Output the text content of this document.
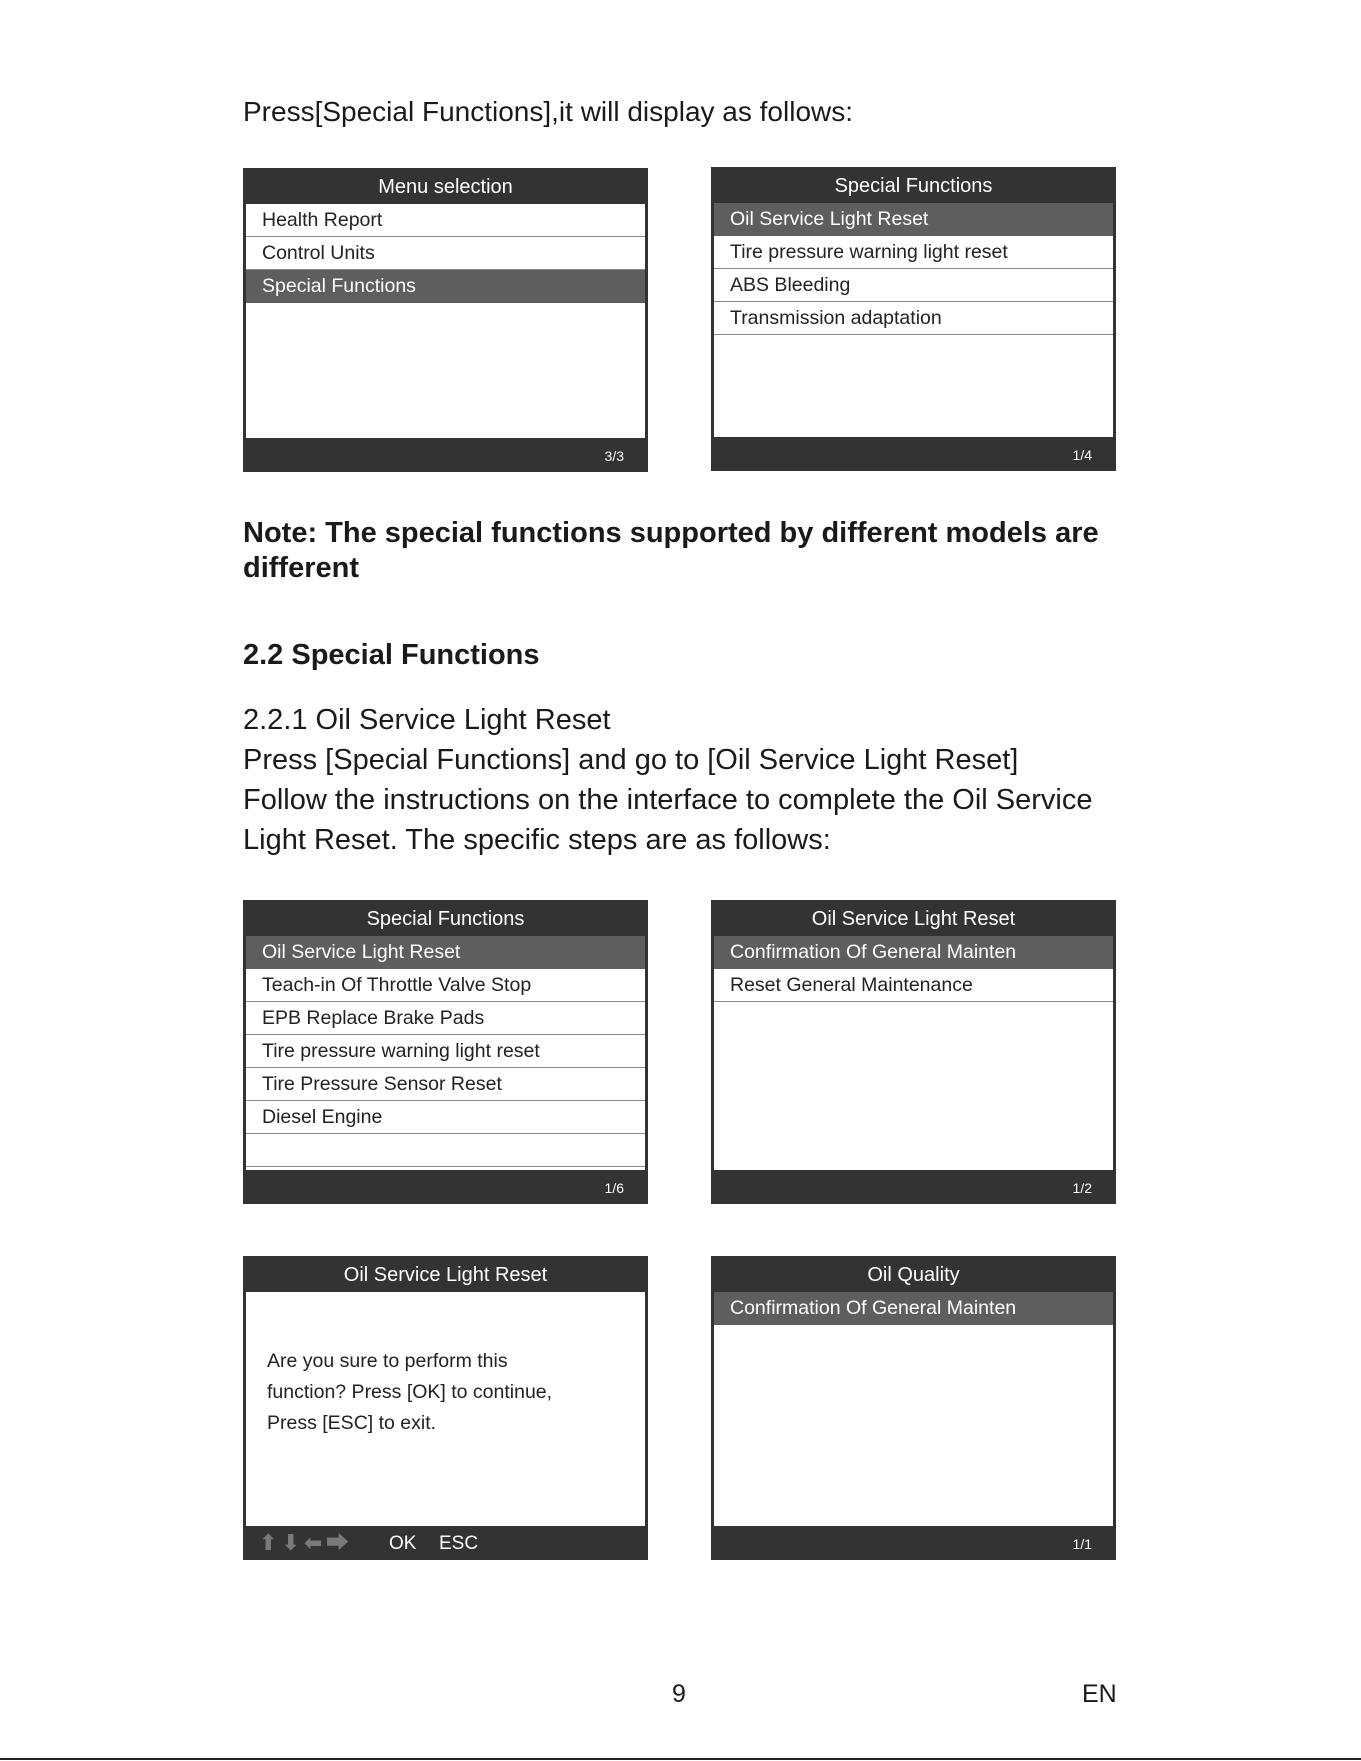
Press[Special Functions],it will display as follows:
Menu selection
Health Report
Control Units
Special Functions
3/3
Special Functions
Oil Service Light Reset
Tire pressure warning light reset
ABS Bleeding
Transmission adaptation
1/4
Note: The special functions supported by different models are different
2.2 Special Functions
2.2.1 Oil Service Light Reset
Press [Special Functions] and go to [Oil Service Light Reset]
Follow the instructions on the interface to complete the Oil Service
Light Reset. The specific steps are as follows:
Special Functions
Oil Service Light Reset
Teach-in Of Throttle Valve Stop
EPB Replace Brake Pads
Tire pressure warning light reset
Tire Pressure Sensor Reset
Diesel Engine
1/6
Oil Service Light Reset
Confirmation Of General Mainten
Reset General Maintenance
1/2
Oil Service Light Reset
Are you sure to perform this
function? Press [OK] to continue,
Press [ESC] to exit.
⬆ ⬇ ⬅ ⮕ OK ESC
Oil Quality
Confirmation Of General Mainten
1/1
9	EN
